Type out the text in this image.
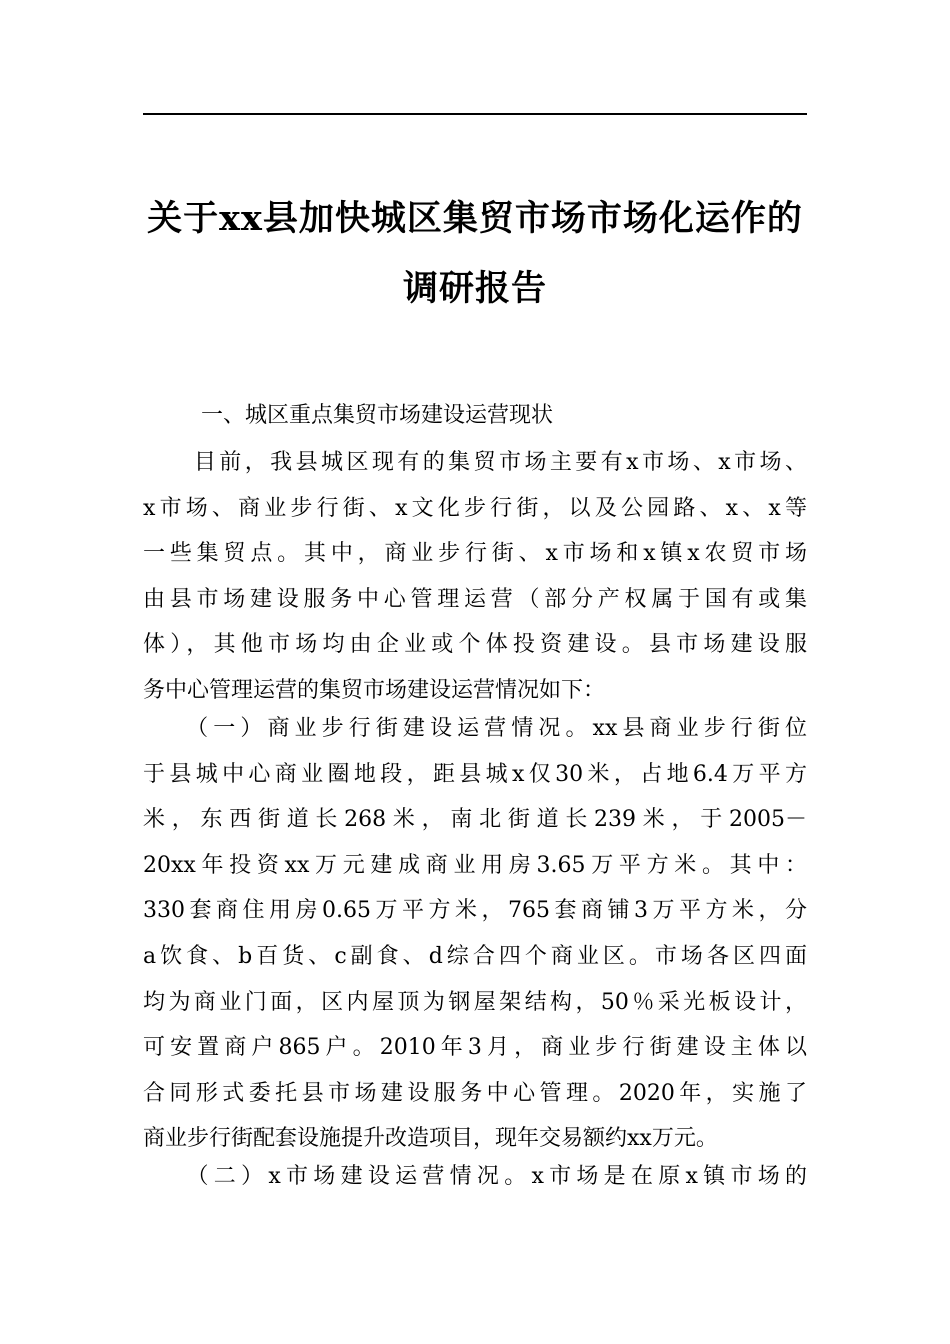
关于xx县加快城区集贸市场市场化运作的
调研报告
一、城区重点集贸市场建设运营现状
　　目前，我县城区现有的集贸市场主要有x市场、x市场、
x市场、商业步行街、x文化步行街，以及公园路、x、x等
一些集贸点。其中，商业步行街、x市场和x镇x农贸市场
由县市场建设服务中心管理运营（部分产权属于国有或集
体），其他市场均由企业或个体投资建设。县市场建设服
务中心管理运营的集贸市场建设运营情况如下：
　　（一）商业步行街建设运营情况。xx县商业步行街位
于县城中心商业圈地段，距县城x仅30米，占地6.4万平方
米，东西街道长268米，南北街道长239米，于2005－
20xx年投资xx万元建成商业用房3.65万平方米。其中：
330套商住用房0.65万平方米，765套商铺3万平方米，分
a饮食、b百货、c副食、d综合四个商业区。市场各区四面
均为商业门面，区内屋顶为钢屋架结构，50％采光板设计，
可安置商户865户。2010年3月，商业步行街建设主体以
合同形式委托县市场建设服务中心管理。2020年，实施了
商业步行街配套设施提升改造项目，现年交易额约xx万元。
　　（二）x市场建设运营情况。x市场是在原x镇市场的
